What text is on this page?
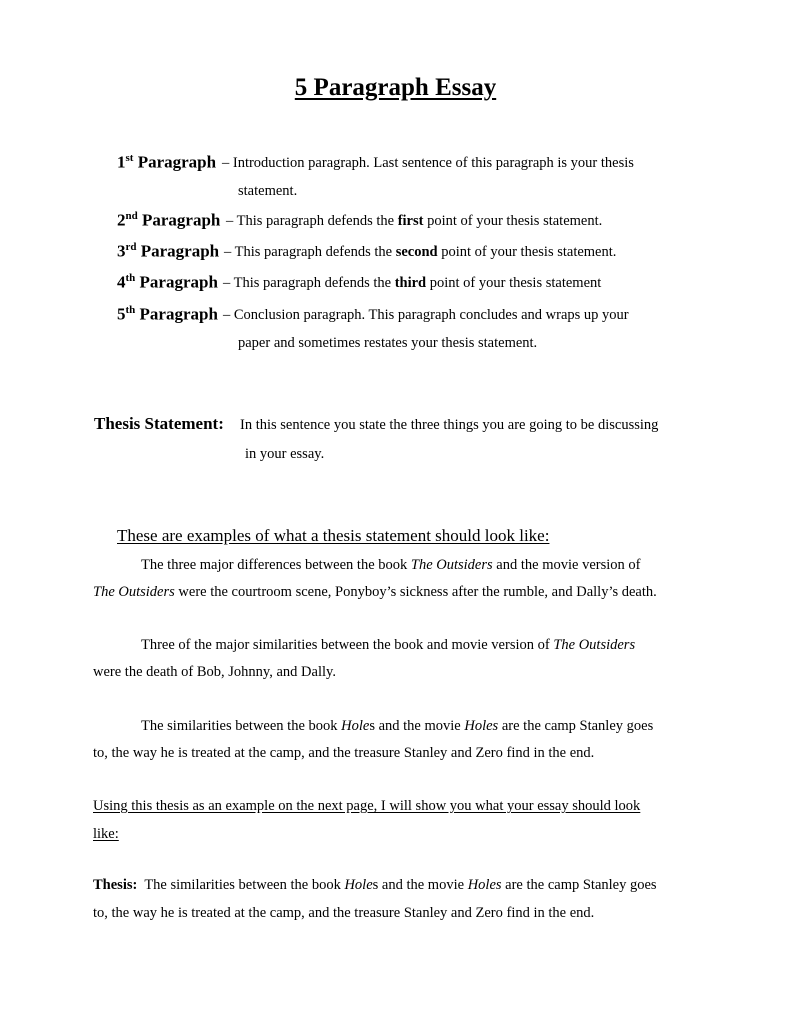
5 Paragraph Essay
1st Paragraph – Introduction paragraph. Last sentence of this paragraph is your thesis
statement.
2nd Paragraph – This paragraph defends the first point of your thesis statement.
3rd Paragraph – This paragraph defends the second point of your thesis statement.
4th Paragraph – This paragraph defends the third point of your thesis statement
5th Paragraph – Conclusion paragraph. This paragraph concludes and wraps up your
paper and sometimes restates your thesis statement.
Thesis Statement: In this sentence you state the three things you are going to be discussing
in your essay.
These are examples of what a thesis statement should look like:
The three major differences between the book The Outsiders and the movie version of
The Outsiders were the courtroom scene, Ponyboy’s sickness after the rumble, and Dally’s death.
Three of the major similarities between the book and movie version of The Outsiders
were the death of Bob, Johnny, and Dally.
The similarities between the book Holes and the movie Holes are the camp Stanley goes
to, the way he is treated at the camp, and the treasure Stanley and Zero find in the end.
Using this thesis as an example on the next page, I will show you what your essay should look
like:
Thesis:  The similarities between the book Holes and the movie Holes are the camp Stanley goes
to, the way he is treated at the camp, and the treasure Stanley and Zero find in the end.
